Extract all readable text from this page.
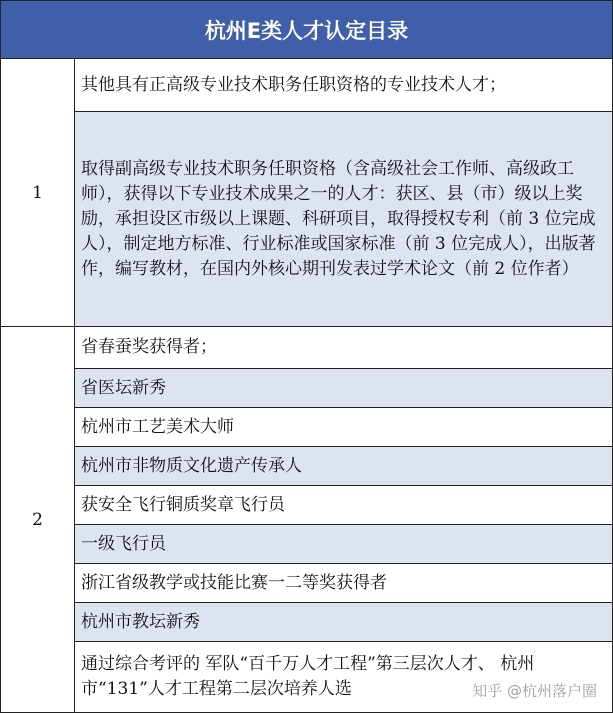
杭州E类人才认定目录
1
其他具有正高级专业技术职务任职资格的专业技术人才；
取得副高级专业技术职务任职资格（含高级社会工作师、高级政工师），获得以下专业技术成果之一的人才：获区、县（市）级以上奖励，承担设区市级以上课题、科研项目，取得授权专利（前 3 位完成人），制定地方标准、行业标准或国家标准（前 3 位完成人），出版著作，编写教材，在国内外核心期刊发表过学术论文（前 2 位作者）
2
省春蚕奖获得者；
省医坛新秀
杭州市工艺美术大师
杭州市非物质文化遗产传承人
获安全飞行铜质奖章飞行员
一级飞行员
浙江省级教学或技能比赛一二等奖获得者
杭州市教坛新秀
通过综合考评的 军队“百千万人才工程”第三层次人才、 杭州市“131”人才工程第二层次培养人选	知乎 @杭州落户圈
